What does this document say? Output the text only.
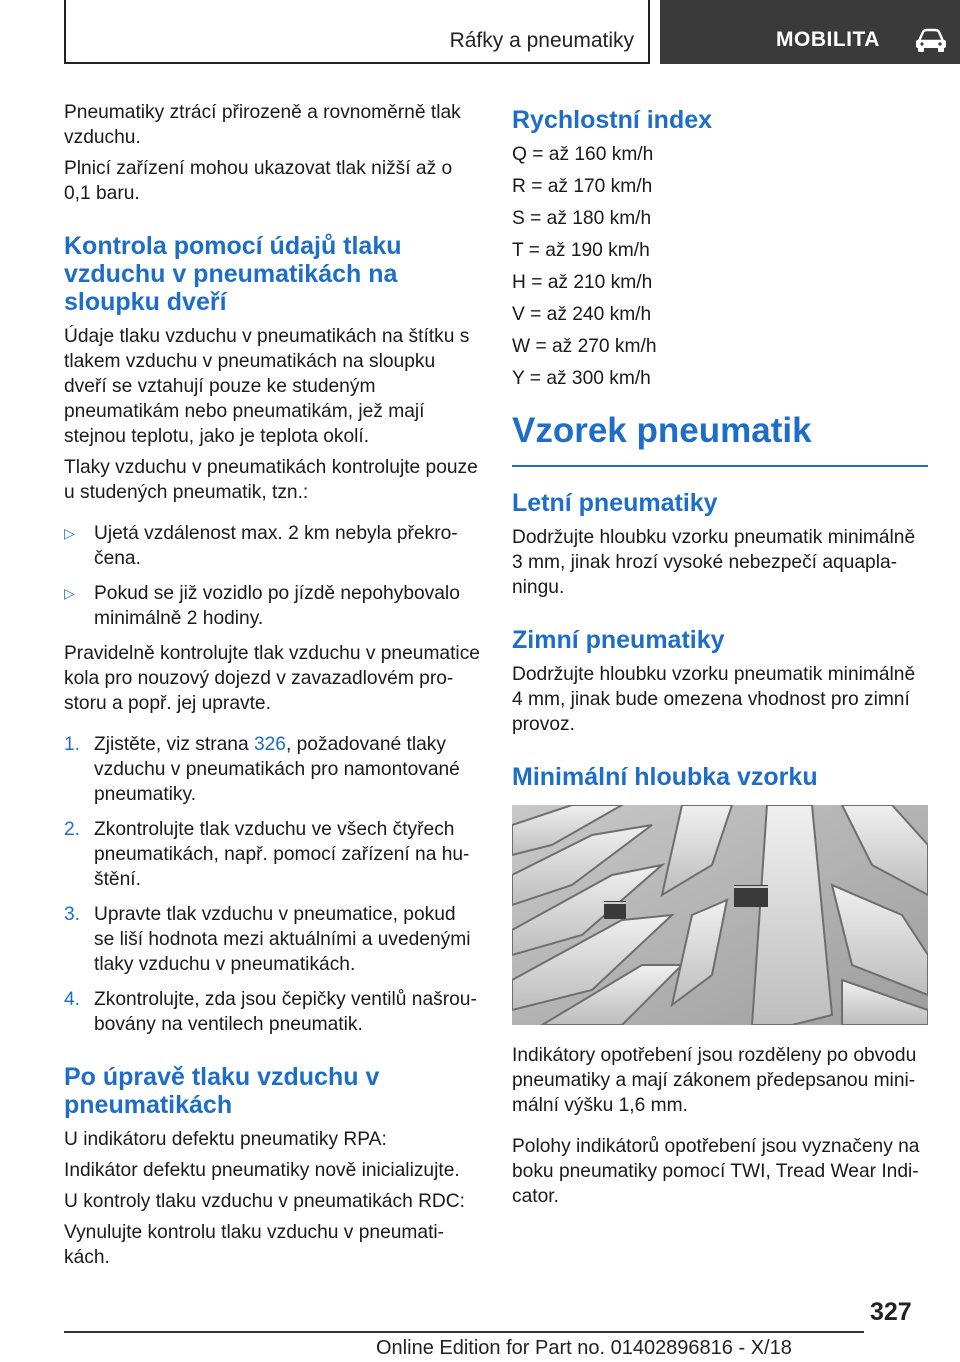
Ráfky a pneumatiky	MOBILITA

Pneumatiky ztrácí přirozeně a rovnoměrně tlak vzduchu.

Plnicí zařízení mohou ukazovat tlak nižší až o 0,1 baru.

Kontrola pomocí údajů tlaku vzduchu v pneumatikách na sloupku dveří

Údaje tlaku vzduchu v pneumatikách na štítku s tlakem vzduchu v pneumatikách na sloupku dveří se vztahují pouze ke studeným pneumatikám nebo pneumatikám, jež mají stejnou teplotu, jako je teplota okolí.

Tlaky vzduchu v pneumatikách kontrolujte pouze u studených pneumatik, tzn.:

▷ Ujetá vzdálenost max. 2 km nebyla překročena.
▷ Pokud se již vozidlo po jízdě nepohybovalo minimálně 2 hodiny.

Pravidelně kontrolujte tlak vzduchu v pneumatice kola pro nouzový dojezd v zavazadlovém prostoru a popř. jej upravte.

1. Zjistěte, viz strana 326, požadované tlaky vzduchu v pneumatikách pro namontované pneumatiky.
2. Zkontrolujte tlak vzduchu ve všech čtyřech pneumatikách, např. pomocí zařízení na huštění.
3. Upravte tlak vzduchu v pneumatice, pokud se liší hodnota mezi aktuálními a uvedenými tlaky vzduchu v pneumatikách.
4. Zkontrolujte, zda jsou čepičky ventilů našroubovány na ventilech pneumatik.
Po úpravě tlaku vzduchu v pneumatikách

U indikátoru defektu pneumatiky RPA:

Indikátor defektu pneumatiky nově inicializujte.

U kontroly tlaku vzduchu v pneumatikách RDC:

Vynulujte kontrolu tlaku vzduchu v pneumatikách.

Rychlostní index

Q = až 160 km/h

R = až 170 km/h

S = až 180 km/h

T = až 190 km/h

H = až 210 km/h

V = až 240 km/h

W = až 270 km/h

Y = až 300 km/h

Vzorek pneumatik
Letní pneumatiky

Dodržujte hloubku vzorku pneumatik minimálně 3 mm, jinak hrozí vysoké nebezpečí aquaplaningu.

Zimní pneumatiky

Dodržujte hloubku vzorku pneumatik minimálně 4 mm, jinak bude omezena vhodnost pro zimní provoz.

Minimální hloubka vzorku

Indikátory opotřebení jsou rozděleny po obvodu pneumatiky a mají zákonem předepsanou minimální výšku 1,6 mm.

Polohy indikátorů opotřebení jsou vyznačeny na boku pneumatiky pomocí TWI, Tread Wear Indicator.

327
Online Edition for Part no. 01402896816 - X/18
